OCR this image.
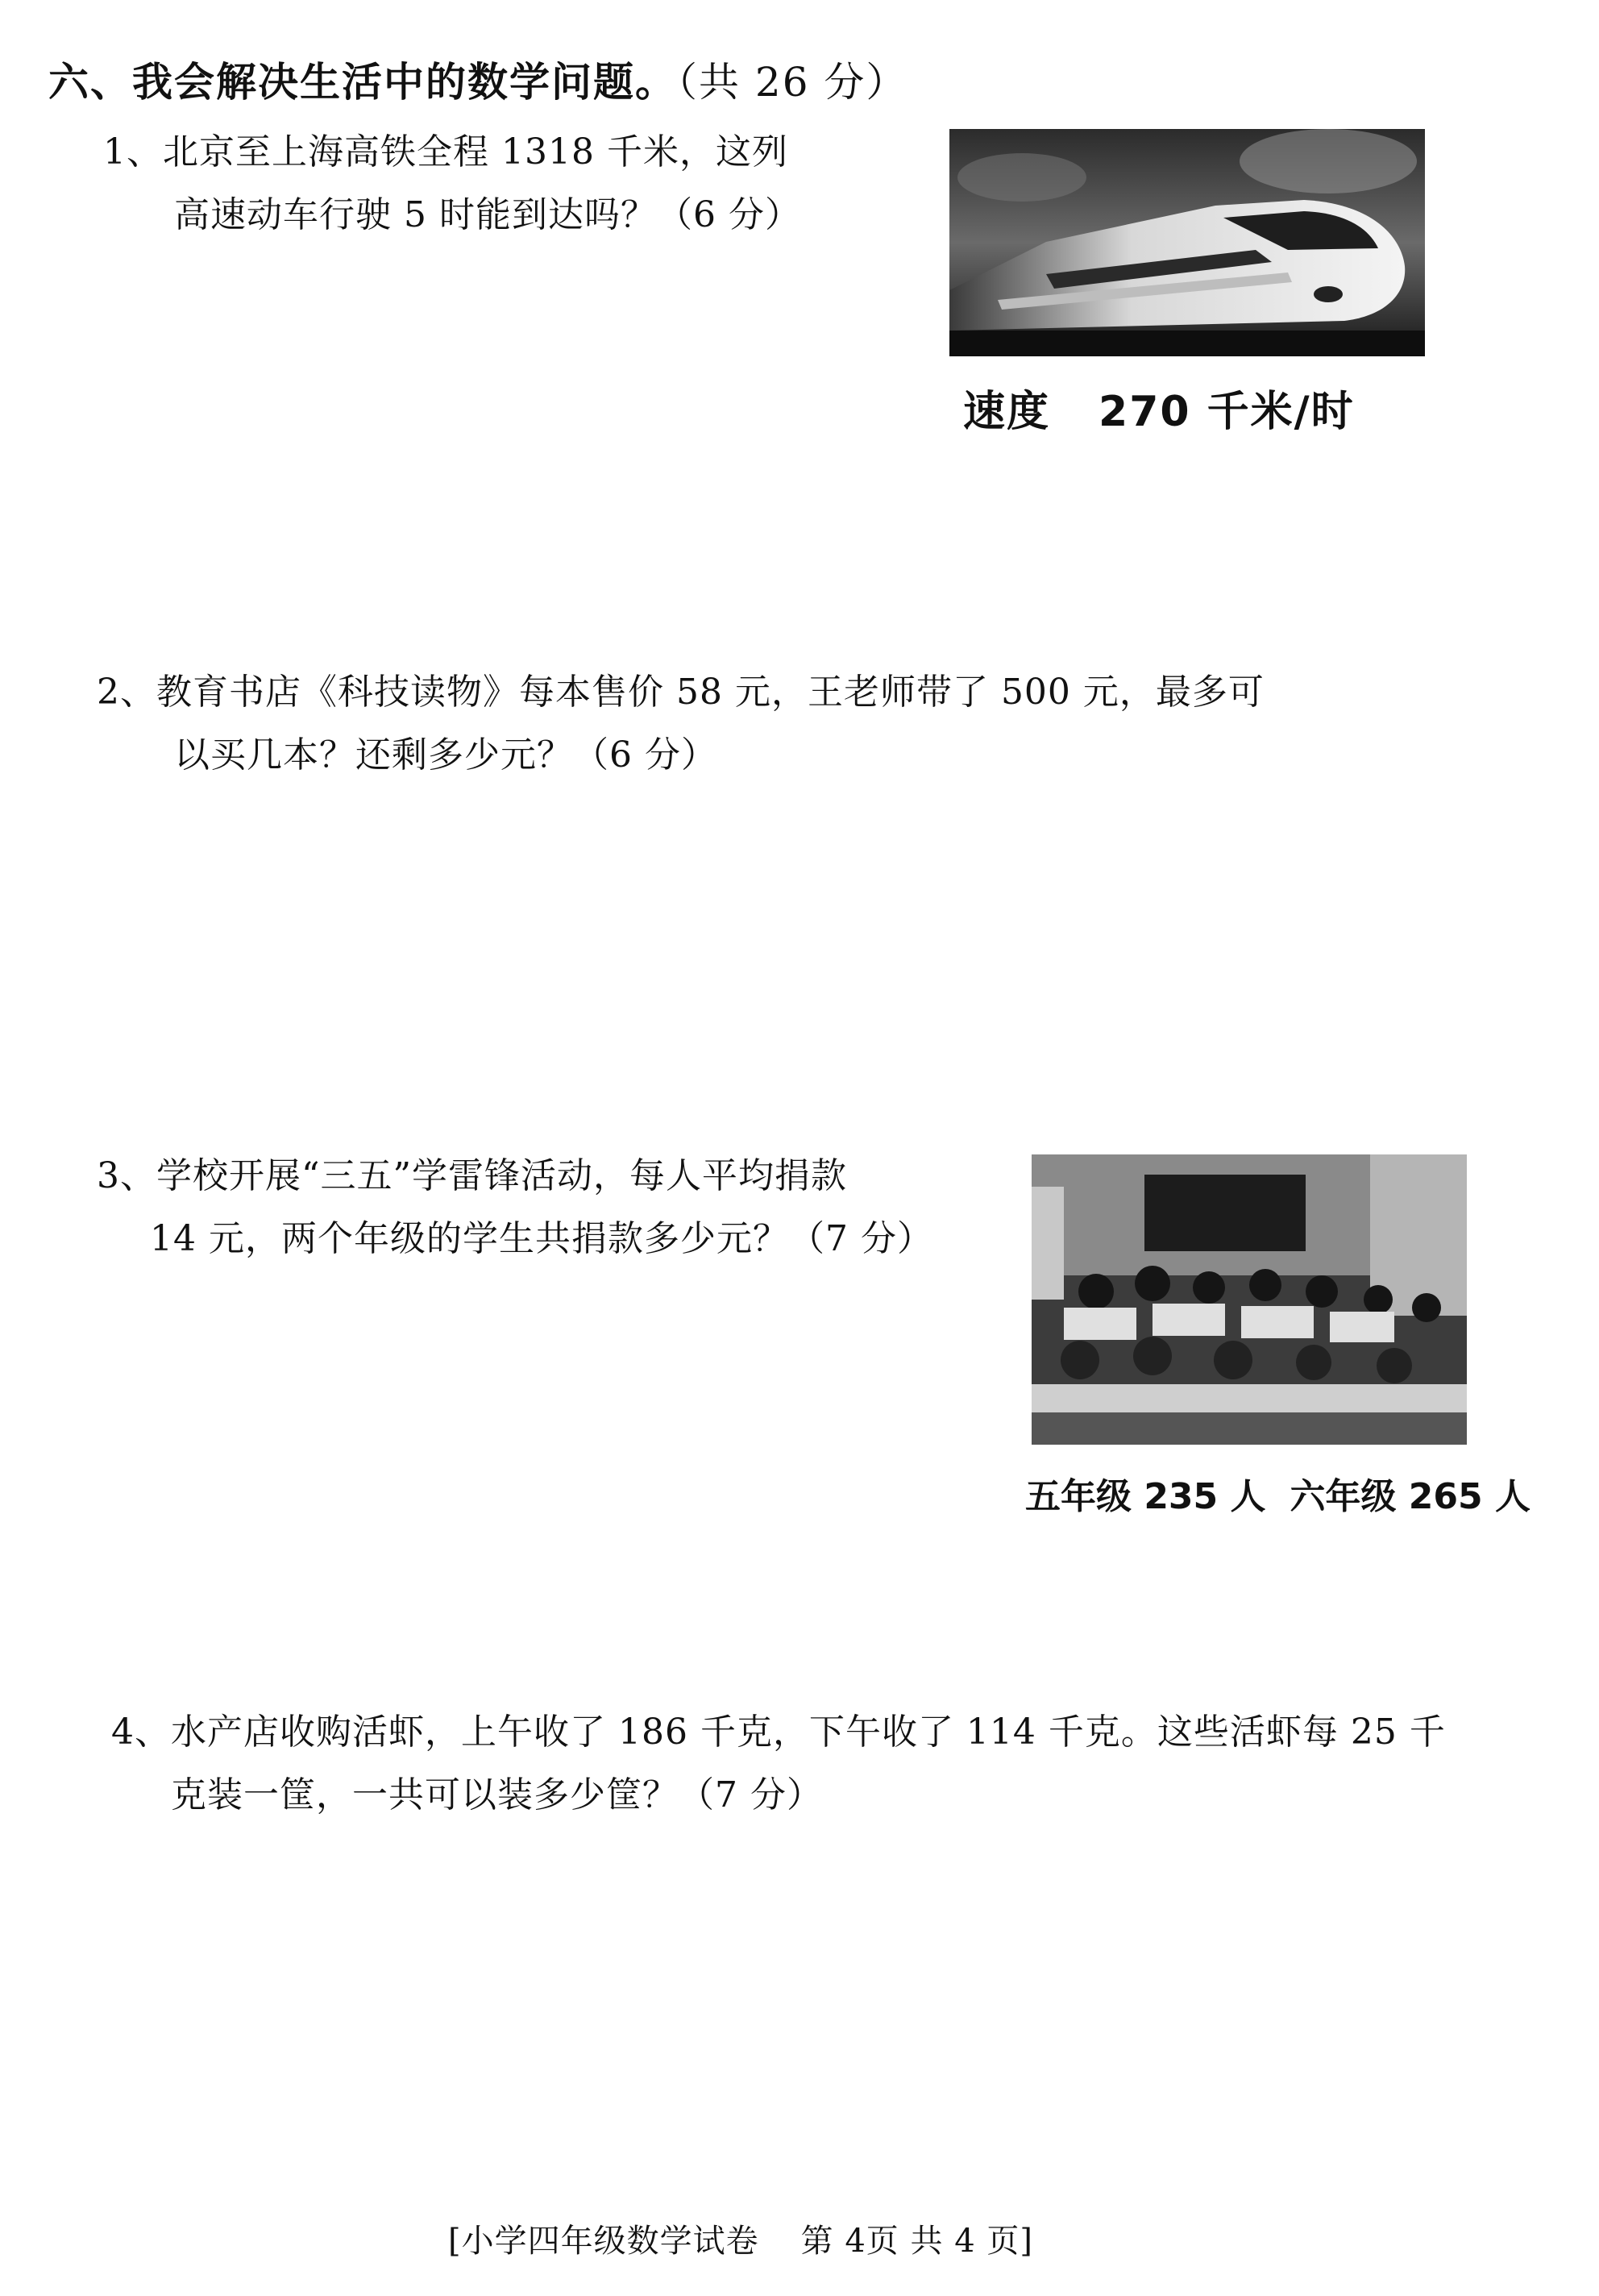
六、我会解决生活中的数学问题。（共 26 分）
1、北京至上海高铁全程 1318 千米，这列
高速动车行驶 5 时能到达吗？（6 分）
速度 270 千米/时
2、教育书店《科技读物》每本售价 58 元，王老师带了 500 元，最多可
以买几本？还剩多少元？（6 分）
3、学校开展“三五”学雷锋活动，每人平均捐款
14 元，两个年级的学生共捐款多少元？（7 分）
五年级 235 人 六年级 265 人
4、水产店收购活虾，上午收了 186 千克，下午收了 114 千克。这些活虾每 25 千
克装一筐，一共可以装多少筐？（7 分）
[小学四年级数学试卷 第 4页 共 4 页]
